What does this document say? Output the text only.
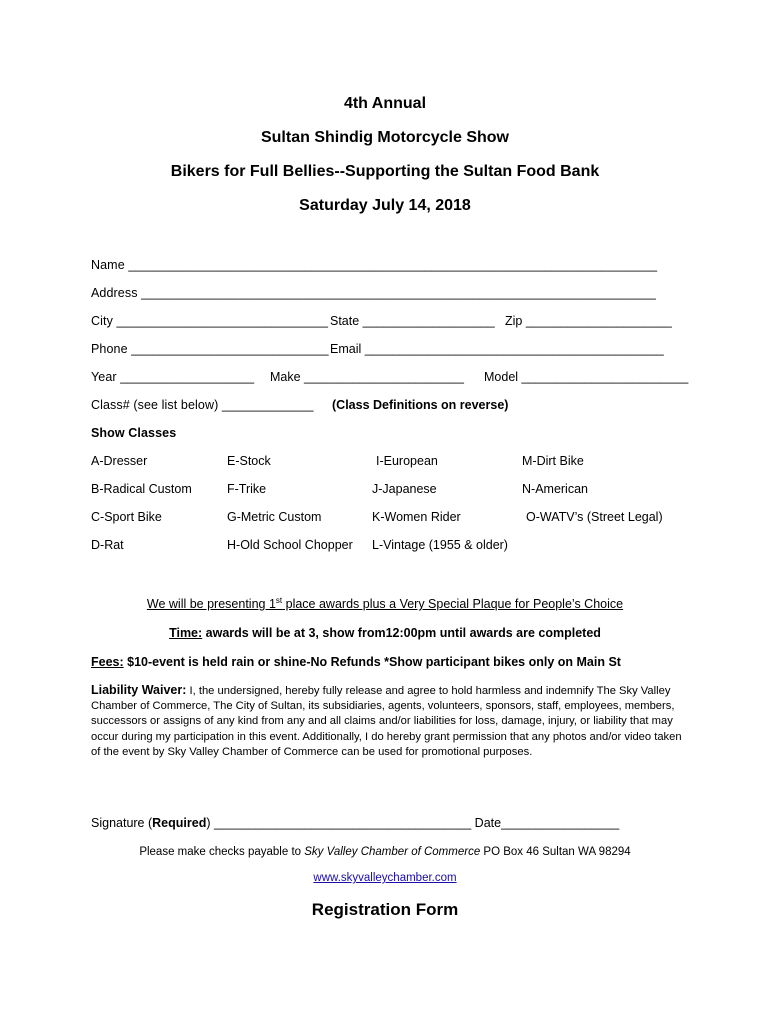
4th Annual
Sultan Shindig Motorcycle Show
Bikers for Full Bellies--Supporting the Sultan Food Bank
Saturday July 14, 2018
Name ___________________________________________________________________________
Address _________________________________________________________________________
City ______________________________ State ___________________ Zip _____________________
Phone ____________________________ Email ___________________________________________
Year ___________________ Make _______________________ Model ________________________
Class# (see list below) _____________ (Class Definitions on reverse)
Show Classes
A-Dresser
B-Radical Custom
C-Sport Bike
D-Rat
E-Stock
F-Trike
G-Metric Custom
H-Old School Chopper
I-European
J-Japanese
K-Women Rider
L-Vintage (1955 & older)
M-Dirt Bike
N-American
O-WATV’s (Street Legal)
We will be presenting 1st place awards plus a Very Special Plaque for People’s Choice
Time: awards will be at 3, show from12:00pm until awards are completed
Fees: $10-event is held rain or shine-No Refunds *Show participant bikes only on Main St
Liability Waiver: I, the undersigned, hereby fully release and agree to hold harmless and indemnify The Sky Valley Chamber of Commerce, The City of Sultan, its subsidiaries, agents, volunteers, sponsors, staff, employees, members, successors or assigns of any kind from any and all claims and/or liabilities for loss, damage, injury, or liability that may occur during my participation in this event. Additionally, I do hereby grant permission that any photos and/or video taken of the event by Sky Valley Chamber of Commerce can be used for promotional purposes.
Signature (Required) _____________________________________ Date_________________
Please make checks payable to Sky Valley Chamber of Commerce PO Box 46 Sultan WA 98294
www.skyvalleychamber.com
Registration Form
